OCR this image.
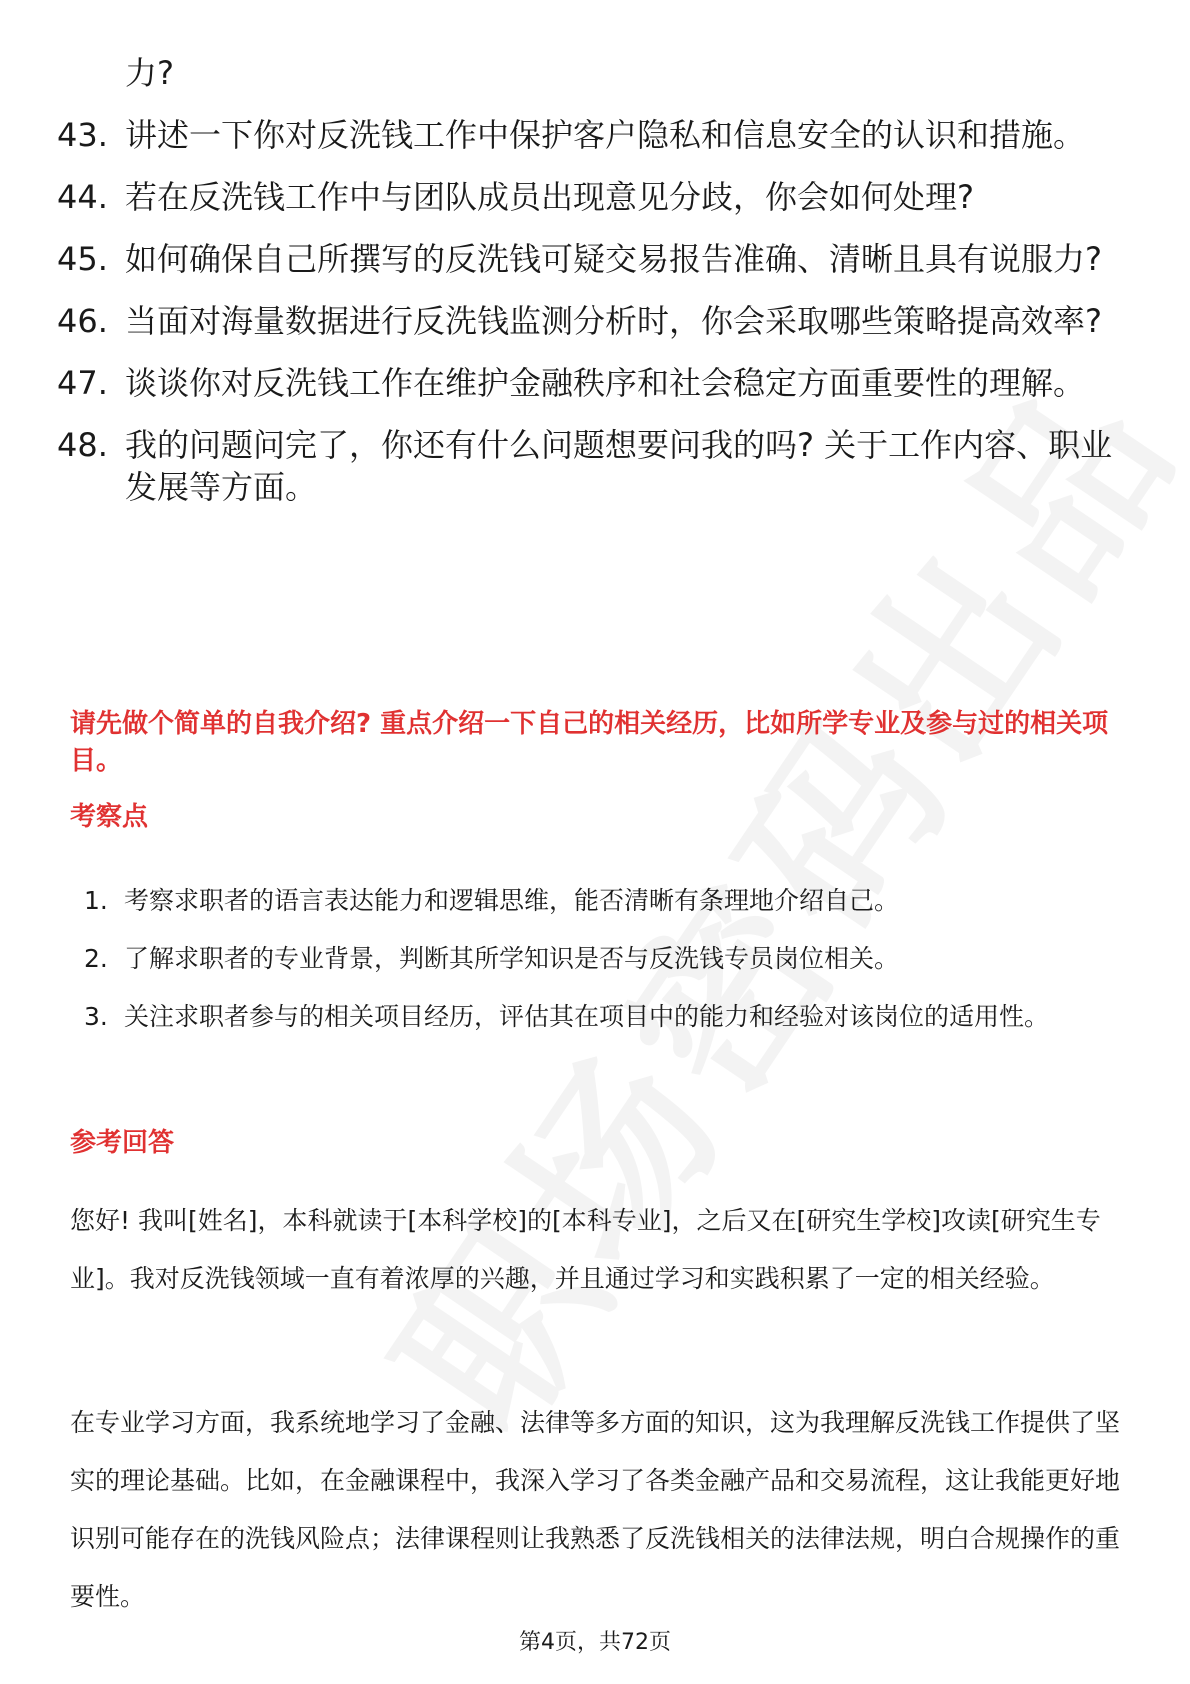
力?
43. 讲述一下你对反洗钱工作中保护客户隐私和信息安全的认识和措施。
44. 若在反洗钱工作中与团队成员出现意见分歧，你会如何处理?
45. 如何确保自己所撰写的反洗钱可疑交易报告准确、清晰且具有说服力?
46. 当面对海量数据进行反洗钱监测分析时，你会采取哪些策略提高效率?
47. 谈谈你对反洗钱工作在维护金融秩序和社会稳定方面重要性的理解。
48. 我的问题问完了，你还有什么问题想要问我的吗? 关于工作内容、职业发展等方面。
请先做个简单的自我介绍? 重点介绍一下自己的相关经历，比如所学专业及参与过的相关项目。
考察点
1. 考察求职者的语言表达能力和逻辑思维，能否清晰有条理地介绍自己。
2. 了解求职者的专业背景，判断其所学知识是否与反洗钱专员岗位相关。
3. 关注求职者参与的相关项目经历，评估其在项目中的能力和经验对该岗位的适用性。
参考回答
您好! 我叫[姓名]，本科就读于[本科学校]的[本科专业]，之后又在[研究生学校]攻读[研究生专业]。我对反洗钱领域一直有着浓厚的兴趣，并且通过学习和实践积累了一定的相关经验。
在专业学习方面，我系统地学习了金融、法律等多方面的知识，这为我理解反洗钱工作提供了坚实的理论基础。比如，在金融课程中，我深入学习了各类金融产品和交易流程，这让我能更好地识别可能存在的洗钱风险点；法律课程则让我熟悉了反洗钱相关的法律法规，明白合规操作的重要性。
第4页，共72页
